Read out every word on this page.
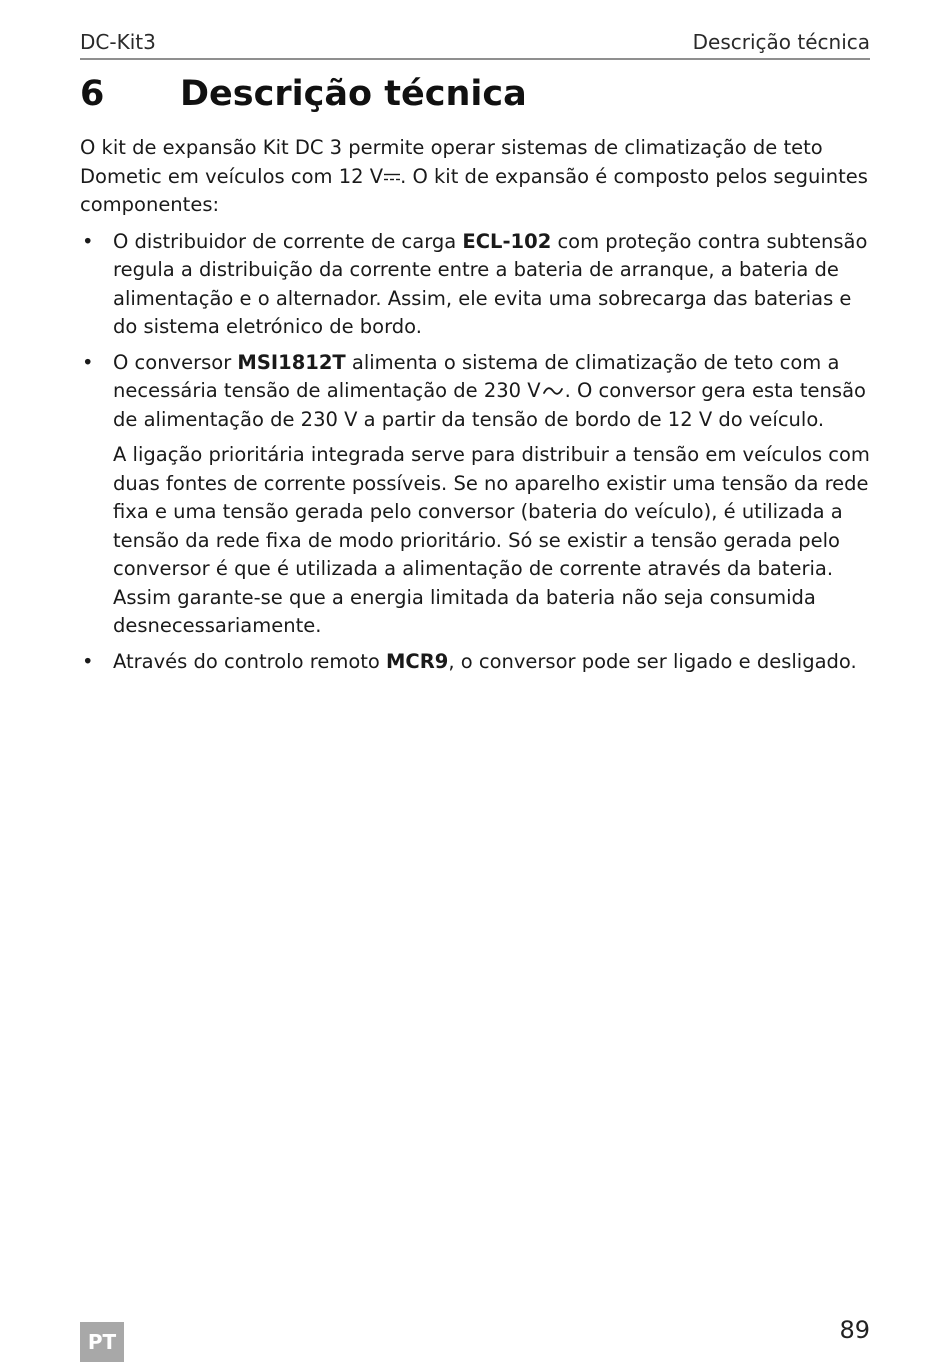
DC-Kit3	Descrição técnica
6 Descrição técnica

O kit de expansão Kit DC 3 permite operar sistemas de climatização de teto Dometic em veículos com 12 V . O kit de expansão é composto pelos seguintes componentes:

• O distribuidor de corrente de carga ECL-102 com proteção contra subtensão regula a distribuição da corrente entre a bateria de arranque, a bateria de alimentação e o alternador. Assim, ele evita uma sobrecarga das baterias e do sistema eletrónico de bordo.

• O conversor MSI1812T alimenta o sistema de climatização de teto com a necessária tensão de alimentação de 230 V . O conversor gera esta tensão de alimentação de 230 V a partir da tensão de bordo de 12 V do veículo.

A ligação prioritária integrada serve para distribuir a tensão em veículos com duas fontes de corrente possíveis. Se no aparelho existir uma tensão da rede fixa e uma tensão gerada pelo conversor (bateria do veículo), é utilizada a tensão da rede fixa de modo prioritário. Só se existir a tensão gerada pelo conversor é que é utilizada a alimentação de corrente através da bateria. Assim garante-se que a energia limitada da bateria não seja consumida desnecessariamente.

• Através do controlo remoto MCR9, o conversor pode ser ligado e desligado.

PT	89
